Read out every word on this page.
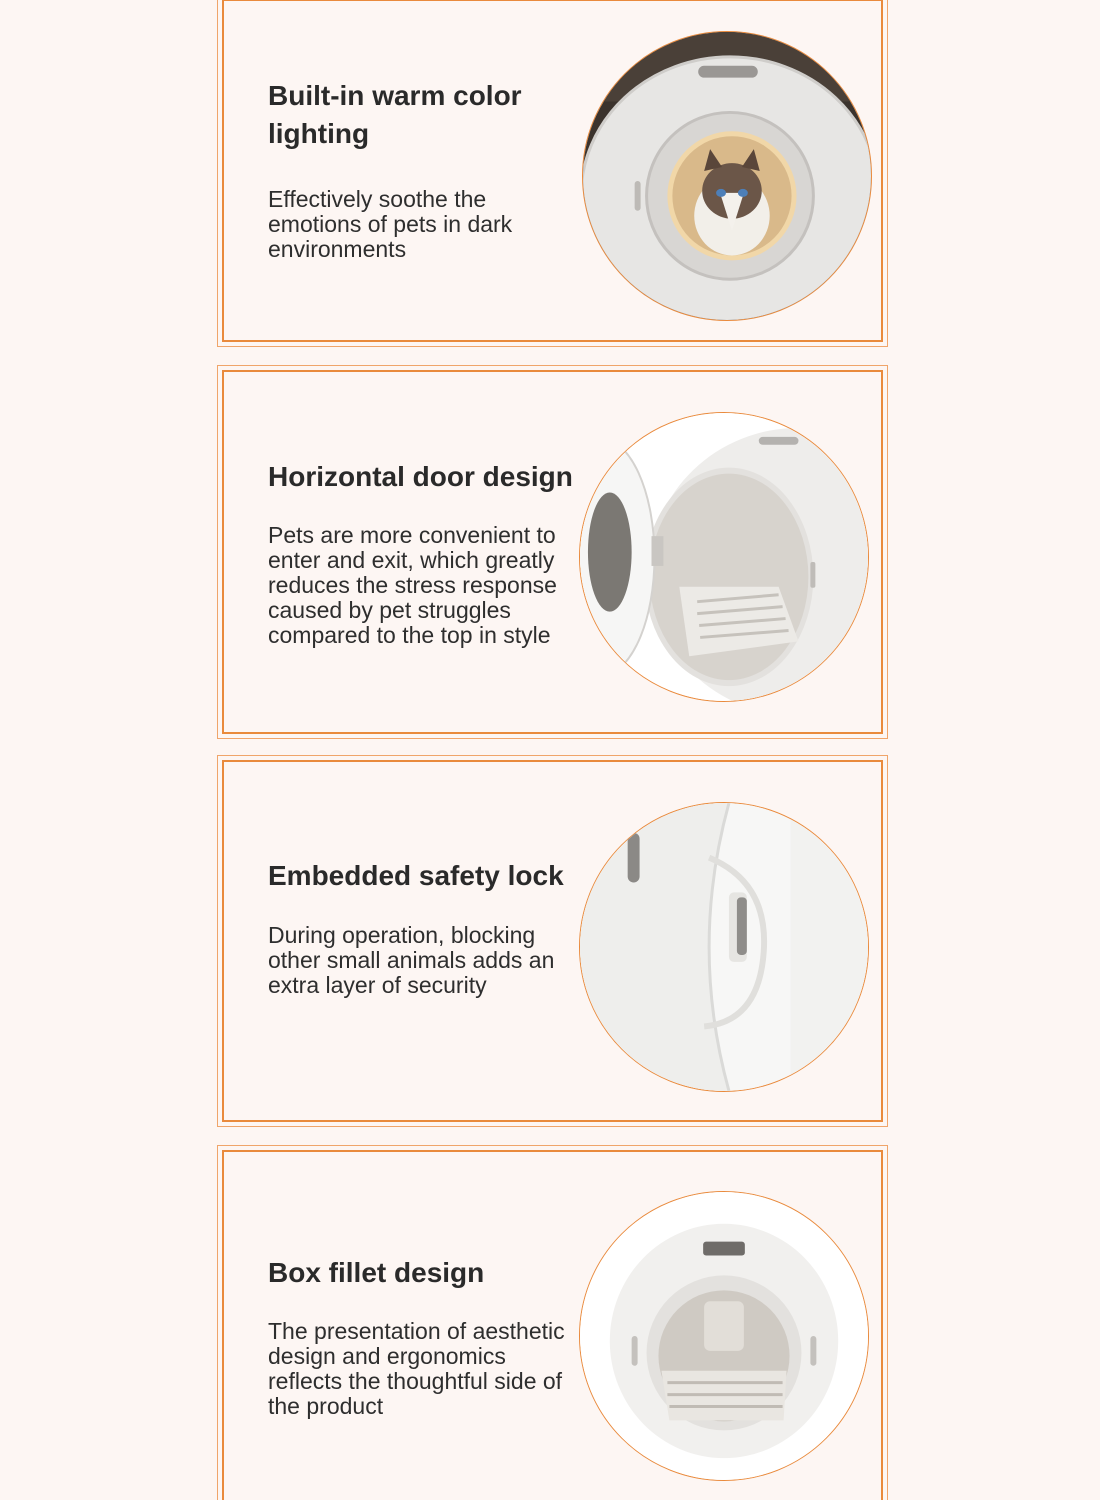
Built-in warm color lighting

Effectively soothe the emotions of pets in dark environments

Horizontal door design

Pets are more convenient to enter and exit, which greatly reduces the stress response caused by pet struggles compared to the top in style

Embedded safety lock

During operation, blocking other small animals adds an extra layer of security

Box fillet design

The presentation of aesthetic design and ergonomics reflects the thoughtful side of the product
